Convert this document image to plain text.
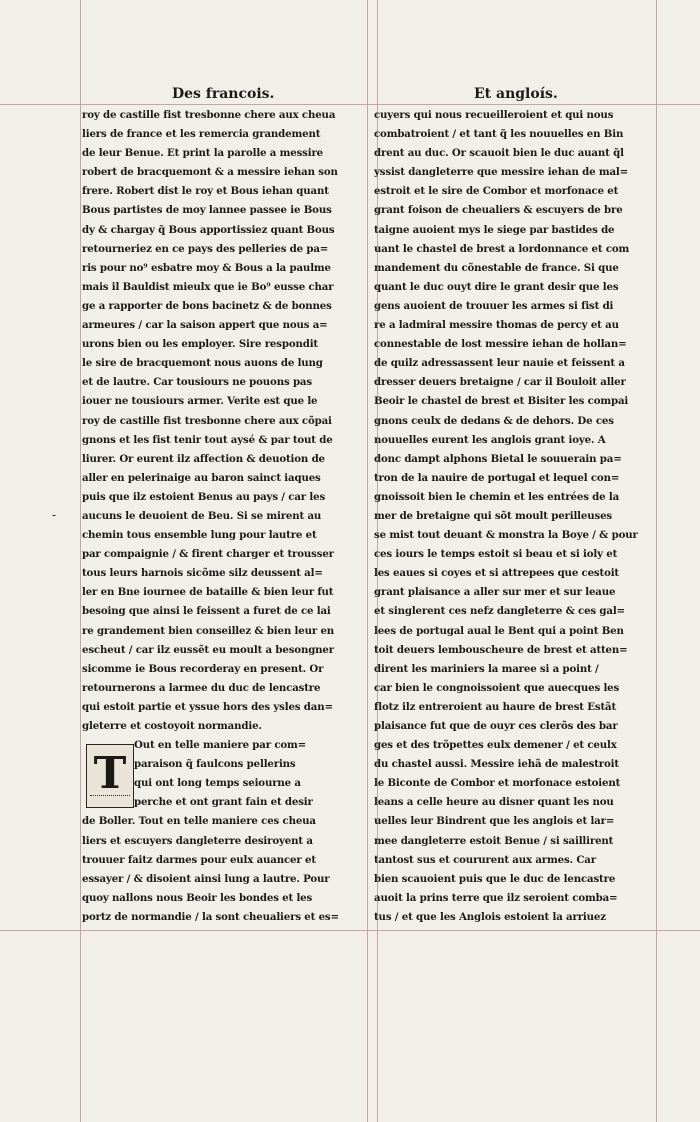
Des francois.	Et angloís.
-
roy de castille fist tresbonne chere aux cheua
liers de france et les remercia grandement
de leur Benue. Et print la parolle a messire
robert de bracquemont & a messire iehan son
frere. Robert dist le roy et Bous iehan quant
Bous partistes de moy lannee passee ie Bous
dy & chargay q̃ Bous apportissiez quant Bous
retourneriez en ce pays des pelleries de pa=
ris pour no⁹ esbatre moy & Bous a la paulme
mais il Bauldist mieulx que ie Bo⁹ eusse char
ge a rapporter de bons bacinetz & de bonnes
armeures / car la saison appert que nous a=
urons bien ou les employer. Sire respondit
le sire de bracquemont nous auons de lung
et de lautre. Car tousiours ne pouons pas
iouer ne tousiours armer. Verite est que le
roy de castille fist tresbonne chere aux cõpai
gnons et les fist tenir tout aysé & par tout de
liurer. Or eurent ilz affection & deuotion de
aller en pelerinaige au baron sainct iaques
puis que ilz estoient Benus au pays / car les
aucuns le deuoient de Beu. Si se mirent au
chemin tous ensemble lung pour lautre et
par compaignie / & firent charger et trousser
tous leurs harnois sicõme silz deussent al=
ler en Bne iournee de bataille & bien leur fut
besoing que ainsi le feissent a furet de ce lai
re grandement bien conseillez & bien leur en
escheut / car ilz eussẽt eu moult a besongner
sicomme ie Bous recorderay en present. Or
retournerons a larmee du duc de lencastre
qui estoit partie et yssue hors des ysles dan=
gleterre et costoyoit normandie.
Out en telle maniere par com=
paraison q̃ faulcons pellerins
qui ont long temps seiourne a
perche et ont grant fain et desir
de Boller. Tout en telle maniere ces cheua
liers et escuyers dangleterre desiroyent a
trouuer faitz darmes pour eulx auancer et
essayer / & disoient ainsi lung a lautre. Pour
quoy nallons nous Beoir les bondes et les
portz de normandie / la sont cheualiers et es=
T
cuyers qui nous recueilleroient et qui nous
combatroient / et tant q̃ les nouuelles en Bin
drent au duc. Or scauoit bien le duc auant q̃l
yssist dangleterre que messire iehan de mal=
estroit et le sire de Combor et morfonace et
grant foison de cheualiers & escuyers de bre
taigne auoient mys le siege par bastides de
uant le chastel de brest a lordonnance et com
mandement du cõnestable de france. Si que
quant le duc ouyt dire le grant desir que les
gens auoient de trouuer les armes si fist di
re a ladmiral messire thomas de percy et au
connestable de lost messire iehan de hollan=
de quilz adressassent leur nauie et feissent a
dresser deuers bretaigne / car il Bouloit aller
Beoir le chastel de brest et Bisiter les compai
gnons ceulx de dedans & de dehors. De ces
nouuelles eurent les anglois grant ioye. A
donc dampt alphons Bietal le souuerain pa=
tron de la nauire de portugal et lequel con=
gnoissoit bien le chemin et les entrées de la
mer de bretaigne qui sõt moult perilleuses
se mist tout deuant & monstra la Boye / & pour
ces iours le temps estoit si beau et si ioly et
les eaues si coyes et si attrepees que cestoit
grant plaisance a aller sur mer et sur leaue
et singlerent ces nefz dangleterre & ces gal=
lees de portugal aual le Bent qui a point Ben
toit deuers lembouscheure de brest et atten=
dirent les mariniers la maree si a point /
car bien le congnoissoient que auecques les
flotz ilz entreroient au haure de brest Estãt
plaisance fut que de ouyr ces clerõs des bar
ges et des trõpettes eulx demener / et ceulx
du chastel aussi. Messire iehã de malestroit
le Biconte de Combor et morfonace estoient
leans a celle heure au disner quant les nou
uelles leur Bindrent que les anglois et lar=
mee dangleterre estoit Benue / si saillirent
tantost sus et coururent aux armes. Car
bien scauoient puis que le duc de lencastre
auoit la prins terre que ilz seroient comba=
tus / et que les Anglois estoient la arriuez
